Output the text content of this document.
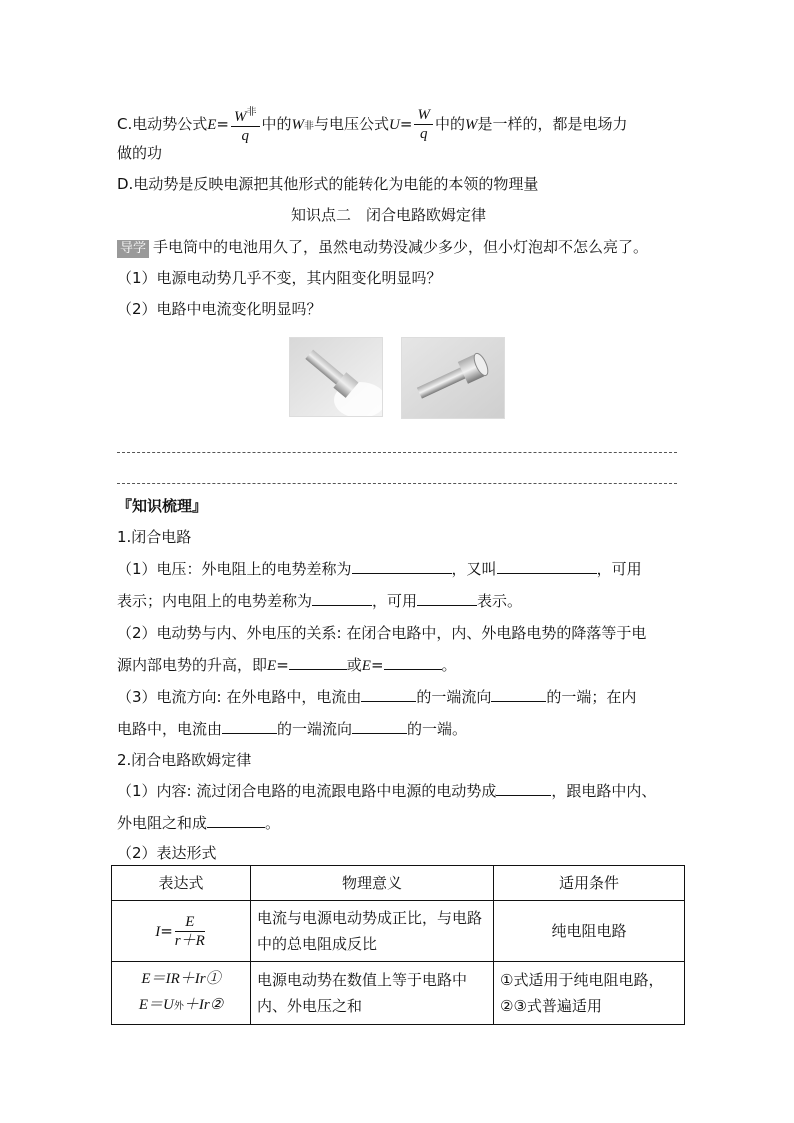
C.电动势公式$E= \frac{W^非}{q}$ 中的W非与电压公式$U= \frac{W}{q}$ 中的W是一样的，都是电场力
做的功
D.电动势是反映电源把其他形式的能转化为电能的本领的物理量
知识点二　闭合电路欧姆定律
导学 手电筒中的电池用久了，虽然电动势没减少多少，但小灯泡却不怎么亮了。
（1）电源电动势几乎不变，其内阻变化明显吗？
（2）电路中电流变化明显吗？
『知识梳理』
1.闭合电路
（1）电压：外电阻上的电势差称为	，又叫	，可用
表示；内电阻上的电势差称为	，可用	表示。
（2）电动势与内、外电压的关系: 在闭合电路中，内、外电路电势的降落等于电
源内部电势的升高，即E=	或E=	。
（3）电流方向: 在外电路中，电流由	的一端流向	的一端；在内
电路中，电流由	的一端流向	的一端。
2.闭合电路欧姆定律
（1）内容: 流过闭合电路的电流跟电路中电源的电动势成	，跟电路中内、
外电阻之和成	。
（2）表达形式
表达式	物理意义	适用条件
$I= \frac{E}{r+R}$	电流与电源电动势成正比，与电路中的总电阻成反比	纯电阻电路

E＝IR＋Ir①
E＝U外＋Ir②	电源电动势在数值上等于电路中内、外电压之和	①式适用于纯电阻电路，②③式普遍适用
